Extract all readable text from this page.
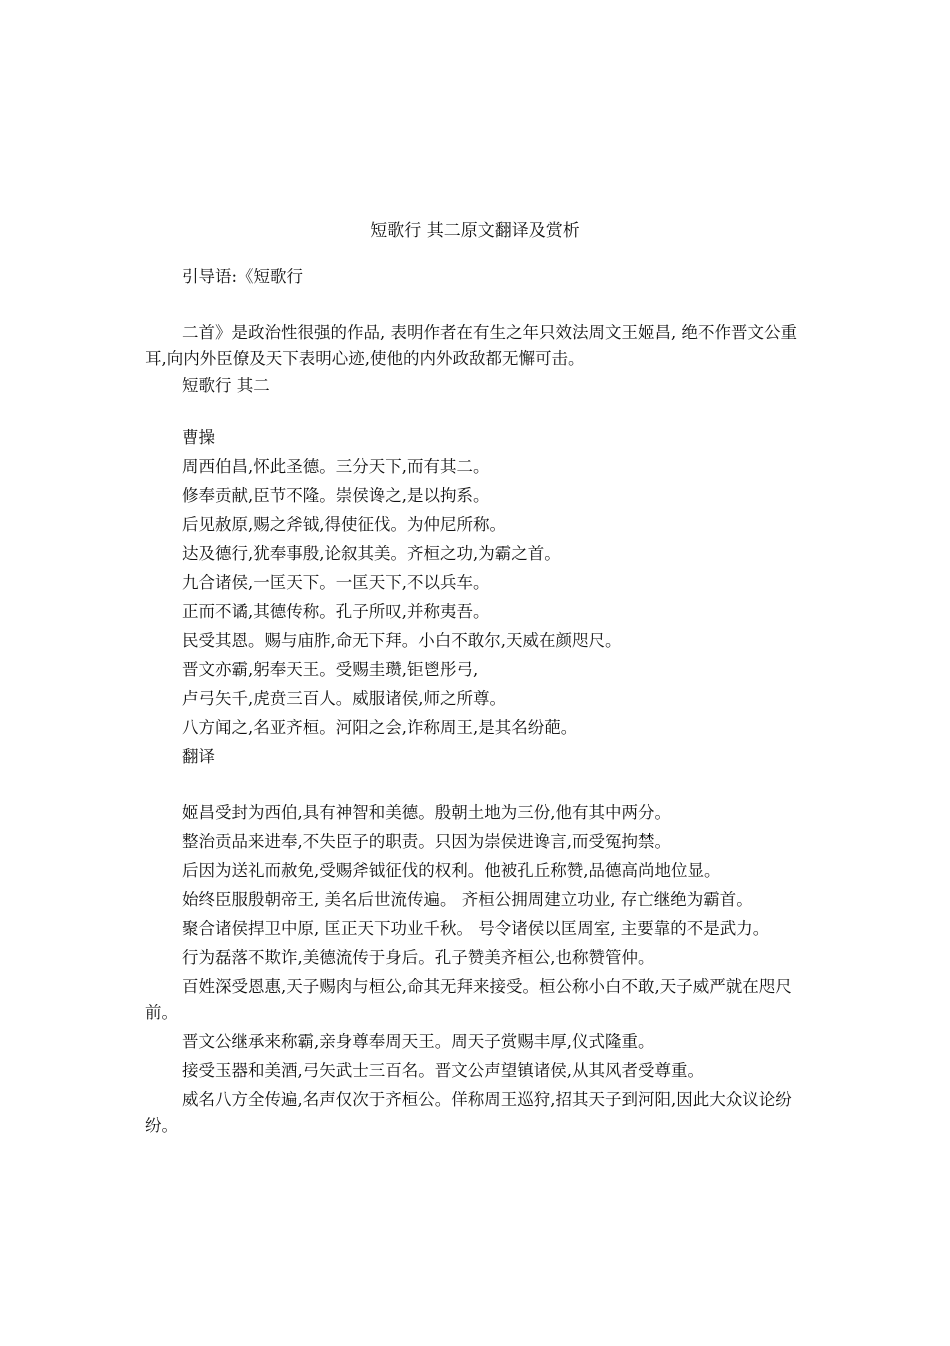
短歌行 其二原文翻译及赏析
引导语:《短歌行
二首》是政治性很强的作品, 表明作者在有生之年只效法周文王姬昌, 绝不作晋文公重耳,向内外臣僚及天下表明心迹,使他的内外政敌都无懈可击。
短歌行 其二
曹操
周西伯昌,怀此圣德。三分天下,而有其二。
修奉贡献,臣节不隆。崇侯谗之,是以拘系。
后见赦原,赐之斧钺,得使征伐。为仲尼所称。
达及德行,犹奉事殷,论叙其美。齐桓之功,为霸之首。
九合诸侯,一匡天下。一匡天下,不以兵车。
正而不谲,其德传称。孔子所叹,并称夷吾。
民受其恩。赐与庙胙,命无下拜。小白不敢尔,天威在颜咫尺。
晋文亦霸,躬奉天王。受赐圭瓒,钜鬯彤弓,
卢弓矢千,虎贲三百人。威服诸侯,师之所尊。
八方闻之,名亚齐桓。河阳之会,诈称周王,是其名纷葩。
翻译
姬昌受封为西伯,具有神智和美德。殷朝土地为三份,他有其中两分。
整治贡品来进奉,不失臣子的职责。只因为崇侯进谗言,而受冤拘禁。
后因为送礼而赦免,受赐斧钺征伐的权利。他被孔丘称赞,品德高尚地位显。
始终臣服殷朝帝王, 美名后世流传遍。 齐桓公拥周建立功业, 存亡继绝为霸首。
聚合诸侯捍卫中原, 匡正天下功业千秋。 号令诸侯以匡周室, 主要靠的不是武力。
行为磊落不欺诈,美德流传于身后。孔子赞美齐桓公,也称赞管仲。
百姓深受恩惠,天子赐肉与桓公,命其无拜来接受。桓公称小白不敢,天子威严就在咫尺前。
晋文公继承来称霸,亲身尊奉周天王。周天子赏赐丰厚,仪式隆重。
接受玉器和美酒,弓矢武士三百名。晋文公声望镇诸侯,从其风者受尊重。
威名八方全传遍,名声仅次于齐桓公。佯称周王巡狩,招其天子到河阳,因此大众议论纷纷。
